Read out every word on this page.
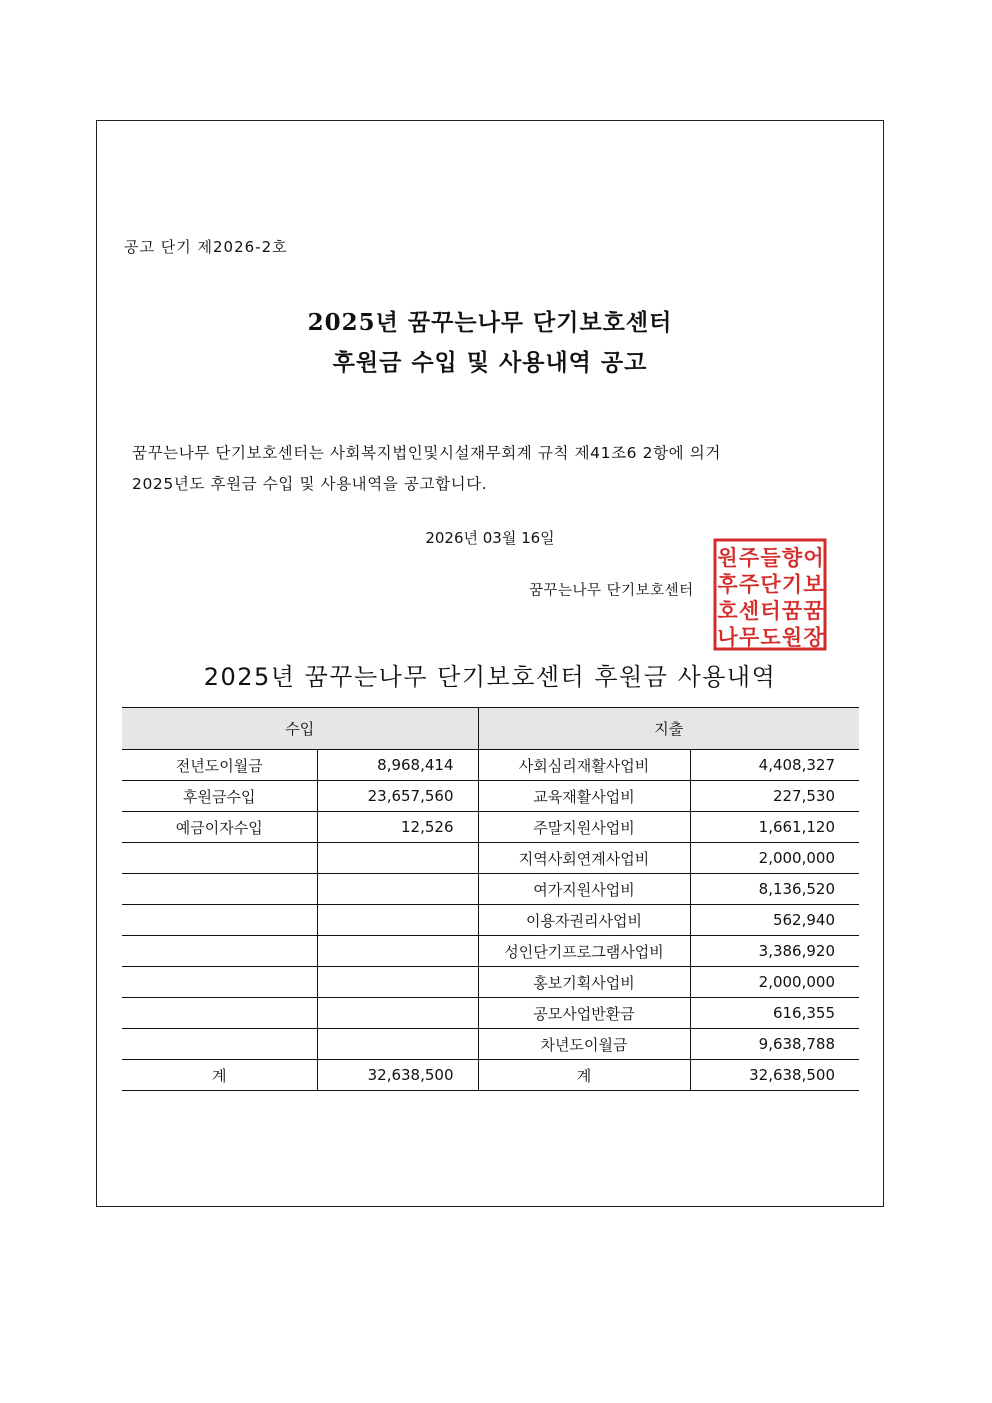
공고 단기 제2026-2호
2025년 꿈꾸는나무 단기보호센터
후원금 수입 및 사용내역 공고
꿈꾸는나무 단기보호센터는 사회복지법인및시설재무회계 규칙 제41조6 2항에 의거
2025년도 후원금 수입 및 사용내역을 공고합니다.
2026년 03월 16일
꿈꾸는나무 단기보호센터
원 주 들 향 어
후 주 단 기 보
호 센 터 꿈 꿈
나 무 도 원 장
2025년 꿈꾸는나무 단기보호센터 후원금 사용내역
수입		지출	
전년도이월금	8,968,414	사회심리재활사업비	4,408,327
후원금수입	23,657,560	교육재활사업비	227,530
예금이자수입	12,526	주말지원사업비	1,661,120
		지역사회연계사업비	2,000,000
		여가지원사업비	8,136,520
		이용자권리사업비	562,940
		성인단기프로그램사업비	3,386,920
		홍보기획사업비	2,000,000
		공모사업반환금	616,355
		차년도이월금	9,638,788
계	32,638,500	계	32,638,500
